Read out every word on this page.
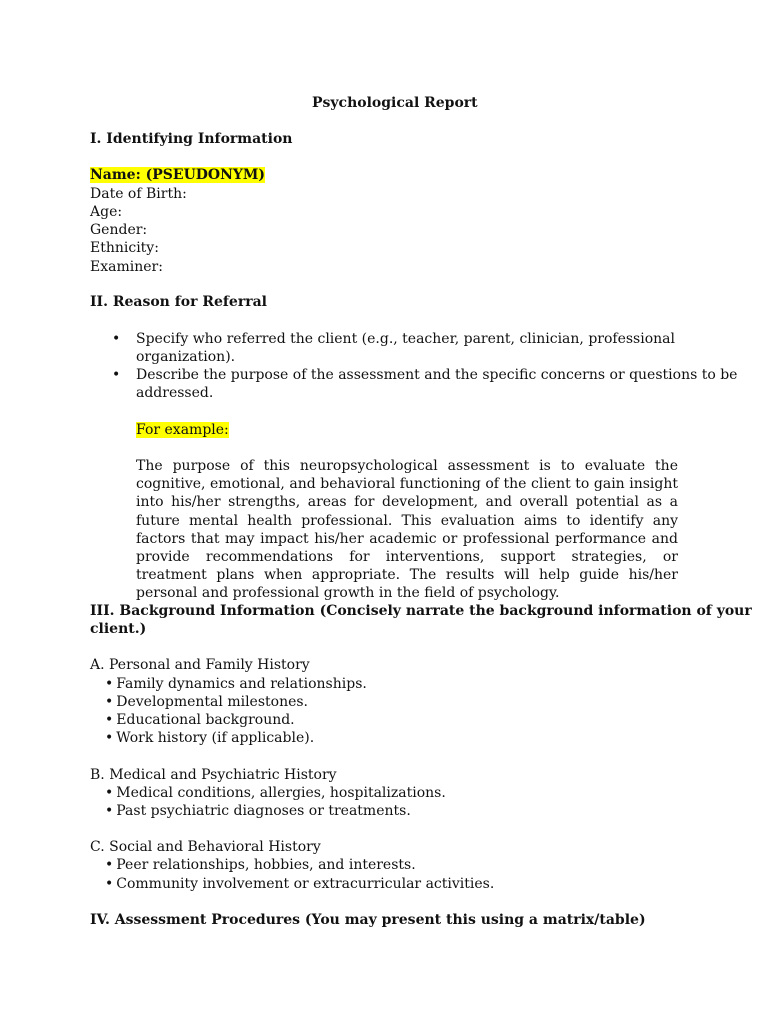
Psychological Report
I. Identifying Information
Name: (PSEUDONYM)
Date of Birth:
Age:
Gender:
Ethnicity:
Examiner:
II. Reason for Referral
• Specify who referred the client (e.g., teacher, parent, clinician, professional
organization).
• Describe the purpose of the assessment and the specific concerns or questions to be
addressed.
For example:
The purpose of this neuropsychological assessment is to evaluate the cognitive, emotional, and behavioral functioning of the client to gain insight into his/her strengths, areas for development, and overall potential as a future mental health professional. This evaluation aims to identify any factors that may impact his/her academic or professional performance and provide recommendations for interventions, support strategies, or treatment plans when appropriate. The results will help guide his/her personal and professional growth in the field of psychology.
III. Background Information (Concisely narrate the background information of your
client.)
A. Personal and Family History
• Family dynamics and relationships.
• Developmental milestones.
• Educational background.
• Work history (if applicable).
B. Medical and Psychiatric History
• Medical conditions, allergies, hospitalizations.
• Past psychiatric diagnoses or treatments.
C. Social and Behavioral History
• Peer relationships, hobbies, and interests.
• Community involvement or extracurricular activities.
IV. Assessment Procedures (You may present this using a matrix/table)
